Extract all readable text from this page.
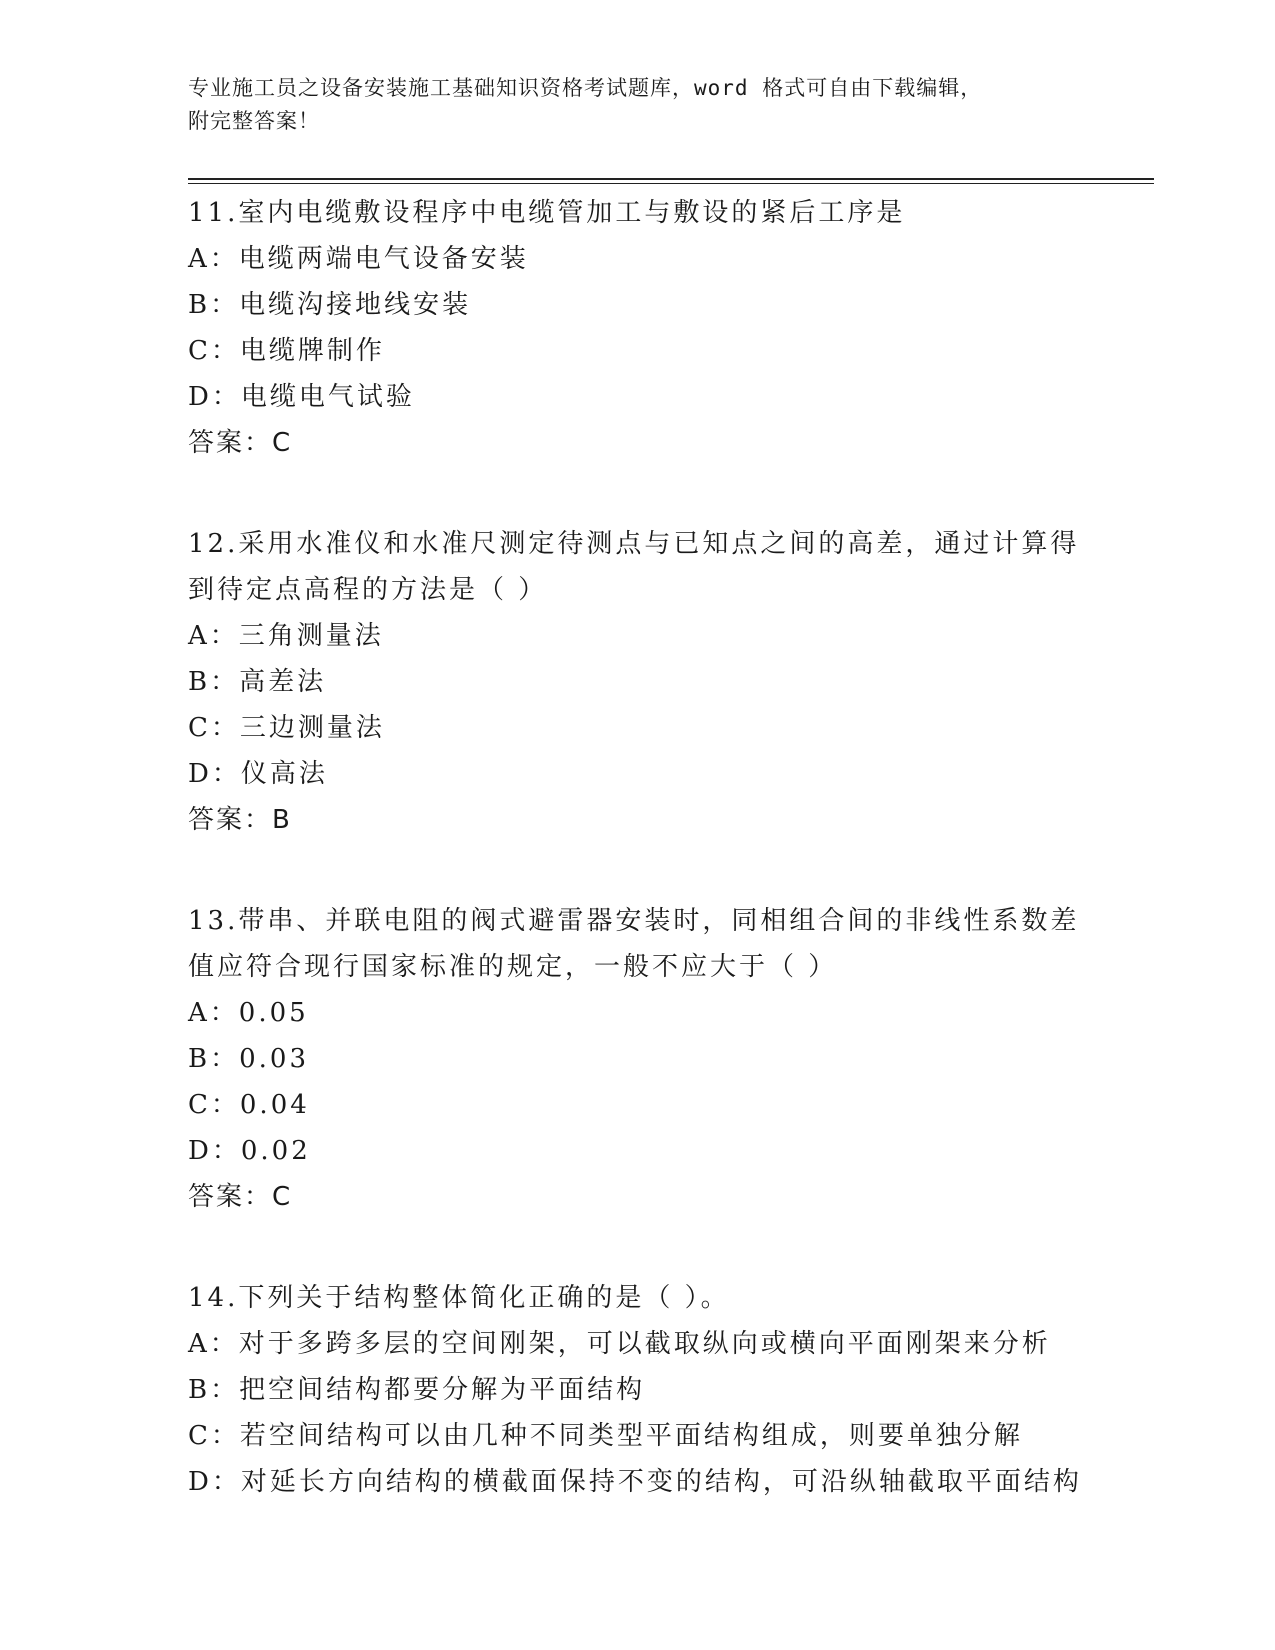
专业施工员之设备安装施工基础知识资格考试题库，word 格式可自由下载编辑，
附完整答案！
11.室内电缆敷设程序中电缆管加工与敷设的紧后工序是
A：电缆两端电气设备安装
B：电缆沟接地线安装
C：电缆牌制作
D：电缆电气试验
答案：C
12.采用水准仪和水准尺测定待测点与已知点之间的高差，通过计算得
到待定点高程的方法是（ ）
A：三角测量法
B：高差法
C：三边测量法
D：仪高法
答案：B
13.带串、并联电阻的阀式避雷器安装时，同相组合间的非线性系数差
值应符合现行国家标准的规定，一般不应大于（ ）
A：0.05
B：0.03
C：0.04
D：0.02
答案：C
14.下列关于结构整体简化正确的是（ ）。
A：对于多跨多层的空间刚架，可以截取纵向或横向平面刚架来分析
B：把空间结构都要分解为平面结构
C：若空间结构可以由几种不同类型平面结构组成，则要单独分解
D：对延长方向结构的横截面保持不变的结构，可沿纵轴截取平面结构
